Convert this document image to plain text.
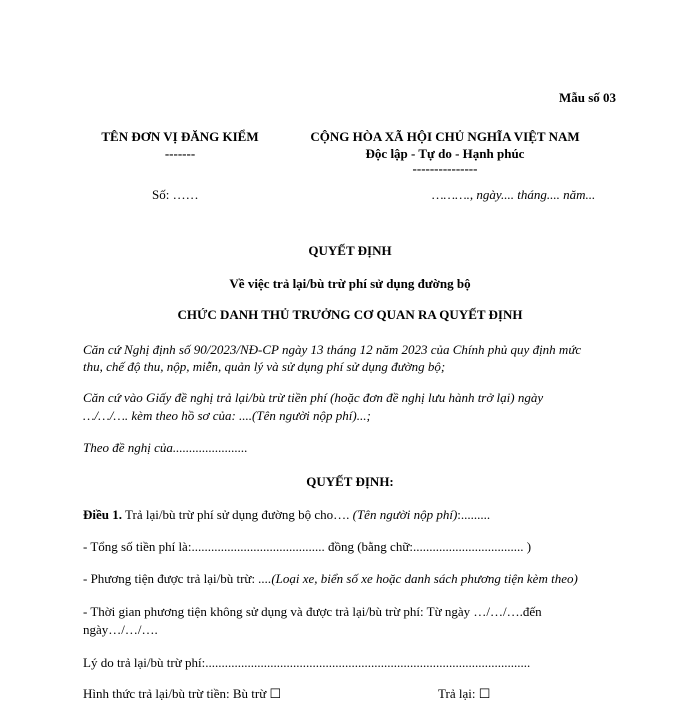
Mẫu số 03
TÊN ĐƠN VỊ ĐĂNG KIỂM
-------
Số: ……
CỘNG HÒA XÃ HỘI CHỦ NGHĨA VIỆT NAM
Độc lập - Tự do - Hạnh phúc
---------------
………., ngày.... tháng.... năm...
QUYẾT ĐỊNH
Về việc trả lại/bù trừ phí sử dụng đường bộ
CHỨC DANH THỦ TRƯỞNG CƠ QUAN RA QUYẾT ĐỊNH
Căn cứ Nghị định số 90/2023/NĐ-CP ngày 13 tháng 12 năm 2023 của Chính phủ quy định mức
thu, chế độ thu, nộp, miễn, quản lý và sử dụng phí sử dụng đường bộ;
Căn cứ vào Giấy đề nghị trả lại/bù trừ tiền phí (hoặc đơn đề nghị lưu hành trở lại) ngày
…/…/…. kèm theo hồ sơ của: ....(Tên người nộp phí)...;
Theo đề nghị của.......................
QUYẾT ĐỊNH:
Điều 1. Trả lại/bù trừ phí sử dụng đường bộ cho…. (Tên người nộp phí):.........
- Tổng số tiền phí là:......................................... đồng (bằng chữ:.................................. )
- Phương tiện được trả lại/bù trừ: ....(Loại xe, biển số xe hoặc danh sách phương tiện kèm theo)
- Thời gian phương tiện không sử dụng và được trả lại/bù trừ phí: Từ ngày …/…/….đến
ngày…/…/….
Lý do trả lại/bù trừ phí:....................................................................................................
Hình thức trả lại/bù trừ tiền: Bù trừ ☐	Trả lại: ☐
